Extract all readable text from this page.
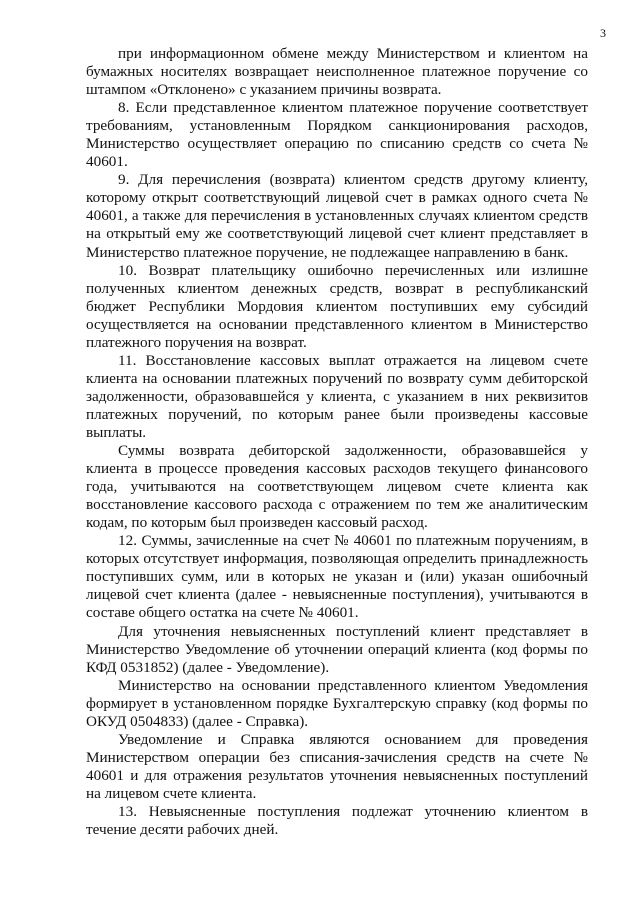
3

при информационном обмене между Министерством и клиентом на бумажных носителях возвращает неисполненное платежное поручение со штампом «Отклонено» с указанием причины возврата.

8. Если представленное клиентом платежное поручение соответствует требованиям, установленным Порядком санкционирования расходов, Министерство осуществляет операцию по списанию средств со счета № 40601.

9. Для перечисления (возврата) клиентом средств другому клиенту, которому открыт соответствующий лицевой счет в рамках одного счета № 40601, а также для перечисления в установленных случаях клиентом средств на открытый ему же соответствующий лицевой счет клиент представляет в Министерство платежное поручение, не подлежащее направлению в банк.

10. Возврат плательщику ошибочно перечисленных или излишне полученных клиентом денежных средств, возврат в республиканский бюджет Республики Мордовия клиентом поступивших ему субсидий осуществляется на основании представленного клиентом в Министерство платежного поручения на возврат.

11. Восстановление кассовых выплат отражается на лицевом счете клиента на основании платежных поручений по возврату сумм дебиторской задолженности, образовавшейся у клиента, с указанием в них реквизитов платежных поручений, по которым ранее были произведены кассовые выплаты.

Суммы возврата дебиторской задолженности, образовавшейся у клиента в процессе проведения кассовых расходов текущего финансового года, учитываются на соответствующем лицевом счете клиента как восстановление кассового расхода с отражением по тем же аналитическим кодам, по которым был произведен кассовый расход.

12. Суммы, зачисленные на счет № 40601 по платежным поручениям, в которых отсутствует информация, позволяющая определить принадлежность поступивших сумм, или в которых не указан и (или) указан ошибочный лицевой счет клиента (далее - невыясненные поступления), учитываются в составе общего остатка на счете № 40601.

Для уточнения невыясненных поступлений клиент представляет в Министерство Уведомление об уточнении операций клиента (код формы по КФД 0531852) (далее - Уведомление).

Министерство на основании представленного клиентом Уведомления формирует в установленном порядке Бухгалтерскую справку (код формы по ОКУД 0504833) (далее - Справка).

Уведомление и Справка являются основанием для проведения Министерством операции без списания-зачисления средств на счете № 40601 и для отражения результатов уточнения невыясненных поступлений на лицевом счете клиента.

13. Невыясненные поступления подлежат уточнению клиентом в течение десяти рабочих дней.
